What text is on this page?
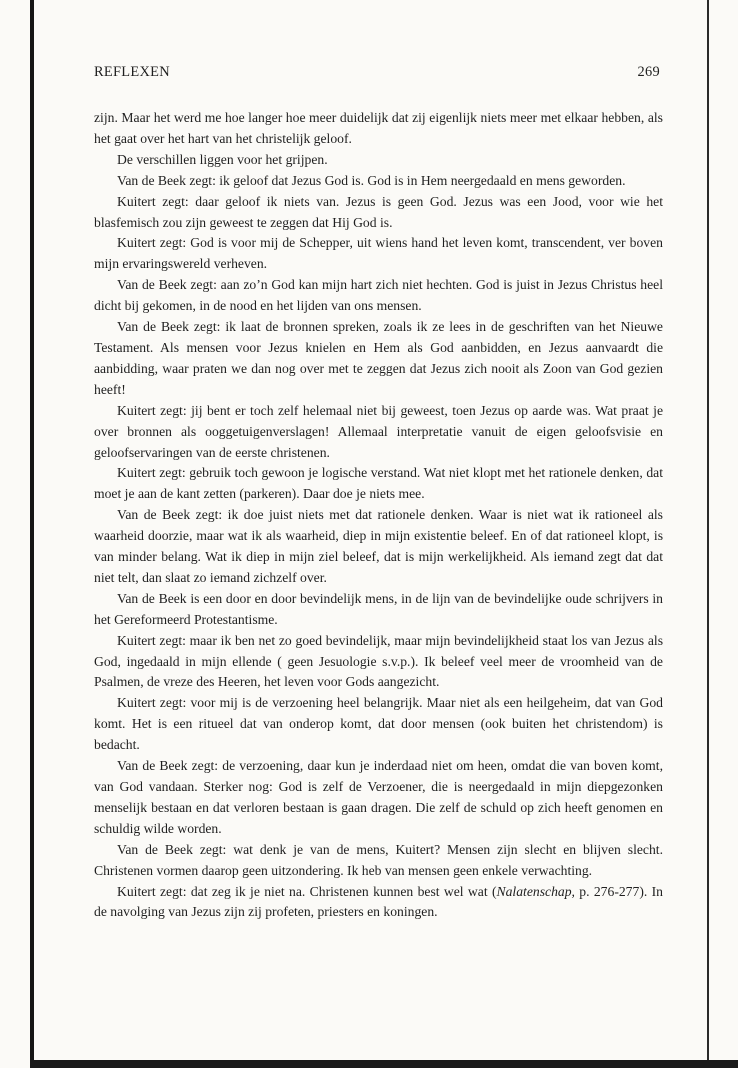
REFLEXEN	269

zijn. Maar het werd me hoe langer hoe meer duidelijk dat zij eigenlijk niets meer met elkaar hebben, als het gaat over het hart van het christelijk geloof.

De verschillen liggen voor het grijpen.

Van de Beek zegt: ik geloof dat Jezus God is. God is in Hem neergedaald en mens geworden.

Kuitert zegt: daar geloof ik niets van. Jezus is geen God. Jezus was een Jood, voor wie het blasfemisch zou zijn geweest te zeggen dat Hij God is.

Kuitert zegt: God is voor mij de Schepper, uit wiens hand het leven komt, transcendent, ver boven mijn ervaringswereld verheven.

Van de Beek zegt: aan zo’n God kan mijn hart zich niet hechten. God is juist in Jezus Christus heel dicht bij gekomen, in de nood en het lijden van ons mensen.

Van de Beek zegt: ik laat de bronnen spreken, zoals ik ze lees in de geschriften van het Nieuwe Testament. Als mensen voor Jezus knielen en Hem als God aanbidden, en Jezus aanvaardt die aanbidding, waar praten we dan nog over met te zeggen dat Jezus zich nooit als Zoon van God gezien heeft!

Kuitert zegt: jij bent er toch zelf helemaal niet bij geweest, toen Jezus op aarde was. Wat praat je over bronnen als ooggetuigenverslagen! Allemaal interpretatie vanuit de eigen geloofsvisie en geloofservaringen van de eerste christenen.

Kuitert zegt: gebruik toch gewoon je logische verstand. Wat niet klopt met het rationele denken, dat moet je aan de kant zetten (parkeren). Daar doe je niets mee.

Van de Beek zegt: ik doe juist niets met dat rationele denken. Waar is niet wat ik rationeel als waarheid doorzie, maar wat ik als waarheid, diep in mijn existentie beleef. En of dat rationeel klopt, is van minder belang. Wat ik diep in mijn ziel beleef, dat is mijn werkelijkheid. Als iemand zegt dat dat niet telt, dan slaat zo iemand zichzelf over.

Van de Beek is een door en door bevindelijk mens, in de lijn van de bevindelijke oude schrijvers in het Gereformeerd Protestantisme.

Kuitert zegt: maar ik ben net zo goed bevindelijk, maar mijn bevindelijkheid staat los van Jezus als God, ingedaald in mijn ellende ( geen Jesuologie s.v.p.). Ik beleef veel meer de vroomheid van de Psalmen, de vreze des Heeren, het leven voor Gods aangezicht.

Kuitert zegt: voor mij is de verzoening heel belangrijk. Maar niet als een heilgeheim, dat van God komt. Het is een ritueel dat van onderop komt, dat door mensen (ook buiten het christendom) is bedacht.

Van de Beek zegt: de verzoening, daar kun je inderdaad niet om heen, omdat die van boven komt, van God vandaan. Sterker nog: God is zelf de Verzoener, die is neergedaald in mijn diepgezonken menselijk bestaan en dat verloren bestaan is gaan dragen. Die zelf de schuld op zich heeft genomen en schuldig wilde worden.

Van de Beek zegt: wat denk je van de mens, Kuitert? Mensen zijn slecht en blijven slecht. Christenen vormen daarop geen uitzondering. Ik heb van mensen geen enkele verwachting.

Kuitert zegt: dat zeg ik je niet na. Christenen kunnen best wel wat (Nalatenschap, p. 276-277). In de navolging van Jezus zijn zij profeten, priesters en koningen.
